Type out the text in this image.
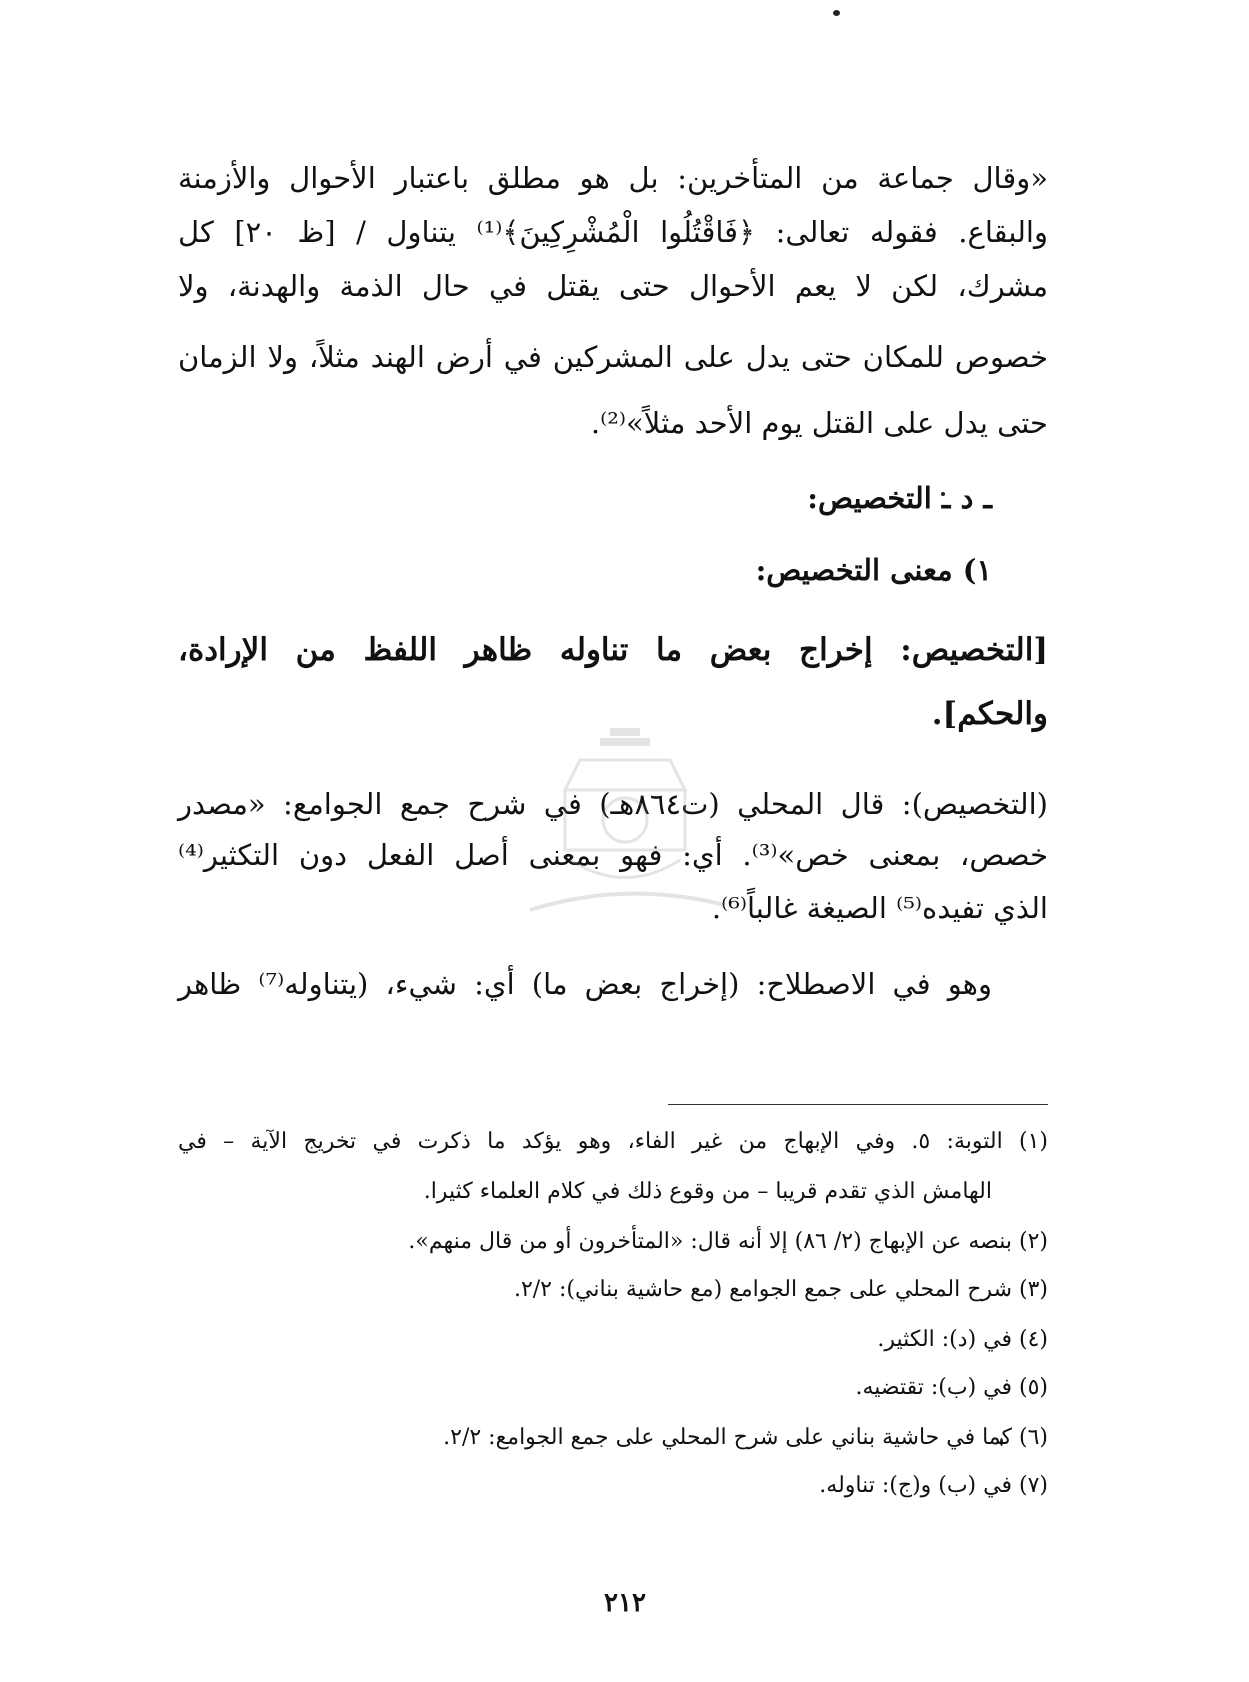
«وقال جماعة من المتأخرين: بل هو مطلق باعتبار الأحوال والأزمنة
والبقاع. فقوله تعالى: ﴿فَاقْتُلُوا الْمُشْرِكِينَ﴾⁽¹⁾ يتناول / [ظ ٢٠] كل
مشرك، لكن لا يعم الأحوال حتى يقتل في حال الذمة والهدنة، ولا
خصوص للمكان حتى يدل على المشركين في أرض الهند مثلاً، ولا الزمان
حتى يدل على القتل يوم الأحد مثلاً»⁽²⁾.
ـ د ـ التخصيص:
١) معنى التخصيص:
[التخصيص: إخراج بعض ما تناوله ظاهر اللفظ من الإرادة،
والحكم].
(التخصيص): قال المحلي (ت٨٦٤هـ) في شرح جمع الجوامع: «مصدر
خصص، بمعنى خص»⁽³⁾. أي: فهو بمعنى أصل الفعل دون التكثير⁽⁴⁾
الذي تفيده⁽⁵⁾ الصيغة غالباً⁽⁶⁾.
وهو في الاصطلاح: (إخراج بعض ما) أي: شيء، (يتناوله⁽⁷⁾ ظاهر
(١) التوبة: ٥. وفي الإبهاج من غير الفاء، وهو يؤكد ما ذكرت في تخريج الآية – في
الهامش الذي تقدم قريبا – من وقوع ذلك في كلام العلماء كثيرا.
(٢) بنصه عن الإبهاج (٢/ ٨٦) إلا أنه قال: «المتأخرون أو من قال منهم».
(٣) شرح المحلي على جمع الجوامع (مع حاشية بناني): ٢/٢.
(٤) في (د): الكثير.
(٥) في (ب): تقتضيه.
(٦) كما في حاشية بناني على شرح المحلي على جمع الجوامع: ٢/٢.
(٧) في (ب) و(ج): تناوله.
٢١٢
